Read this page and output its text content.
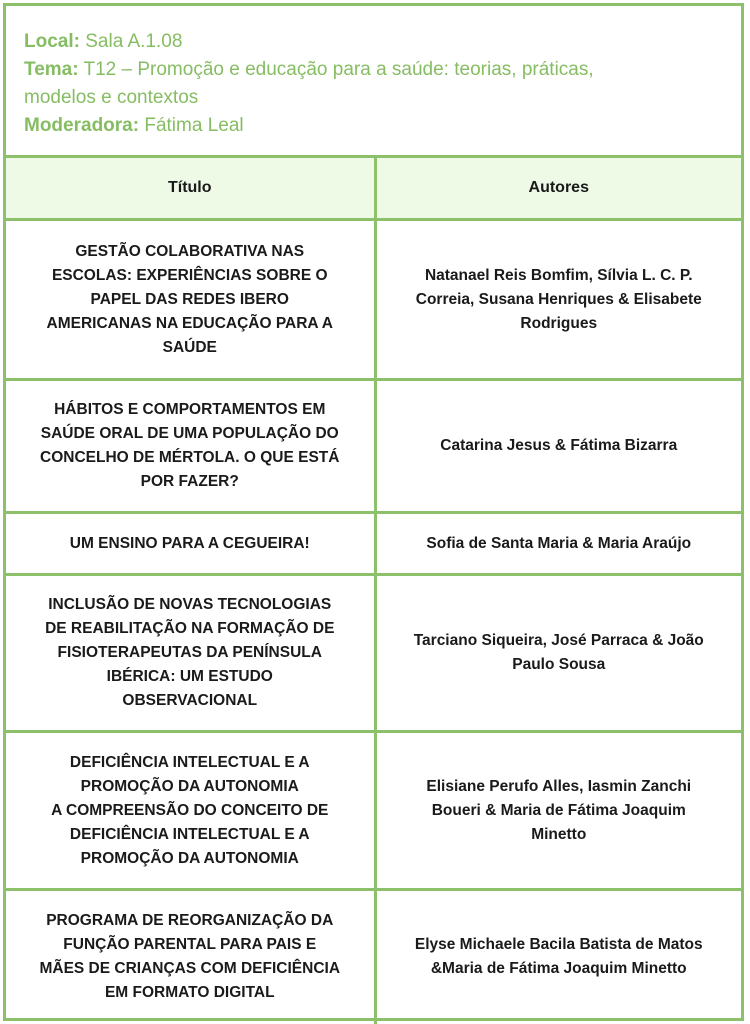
Local: Sala A.1.08
Tema: T12 – Promoção e educação para a saúde: teorias, práticas,
modelos e contextos
Moderadora: Fátima Leal
Título	Autores

GESTÃO COLABORATIVA NAS
ESCOLAS: EXPERIÊNCIAS SOBRE O
PAPEL DAS REDES IBERO
AMERICANAS NA EDUCAÇÃO PARA A
SAÚDE	Natanael Reis Bomfim, Sílvia L. C. P.
Correia, Susana Henriques & Elisabete
Rodrigues

HÁBITOS E COMPORTAMENTOS EM
SAÚDE ORAL DE UMA POPULAÇÃO DO
CONCELHO DE MÉRTOLA. O QUE ESTÁ
POR FAZER?	Catarina Jesus & Fátima Bizarra

UM ENSINO PARA A CEGUEIRA!	Sofia de Santa Maria & Maria Araújo

INCLUSÃO DE NOVAS TECNOLOGIAS
DE REABILITAÇÃO NA FORMAÇÃO DE
FISIOTERAPEUTAS DA PENÍNSULA
IBÉRICA: UM ESTUDO
OBSERVACIONAL	Tarciano Siqueira, José Parraca & João
Paulo Sousa

DEFICIÊNCIA INTELECTUAL E A
PROMOÇÃO DA AUTONOMIA
A COMPREENSÃO DO CONCEITO DE
DEFICIÊNCIA INTELECTUAL E A
PROMOÇÃO DA AUTONOMIA	Elisiane Perufo Alles, Iasmin Zanchi
Boueri & Maria de Fátima Joaquim
Minetto

PROGRAMA DE REORGANIZAÇÃO DA
FUNÇÃO PARENTAL PARA PAIS E
MÃES DE CRIANÇAS COM DEFICIÊNCIA
EM FORMATO DIGITAL	Elyse Michaele Bacila Batista de Matos
&Maria de Fátima Joaquim Minetto
